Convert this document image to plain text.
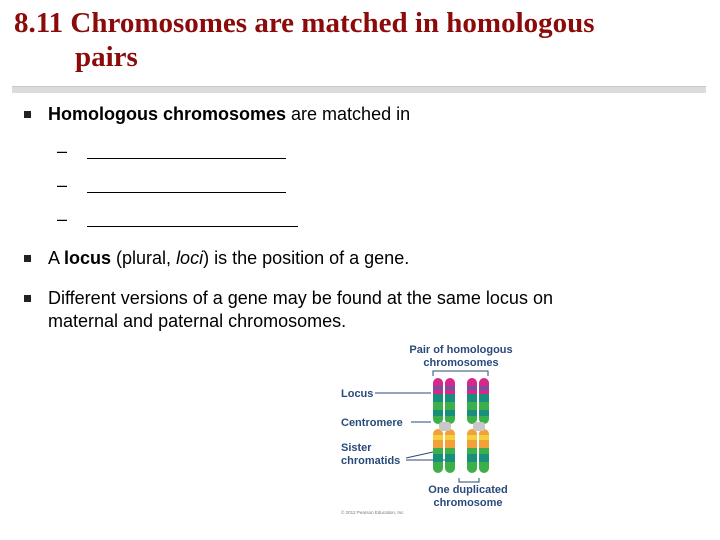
8.11 Chromosomes are matched in homologous
pairs
Homologous chromosomes are matched in
–
–
–
A locus (plural, loci) is the position of a gene.
Different versions of a gene may be found at the same locus on
maternal and paternal chromosomes.
Pair of homologous
chromosomes
Locus
Centromere
Sister
chromatids
One duplicated
chromosome
© 2012 Pearson Education, Inc.
